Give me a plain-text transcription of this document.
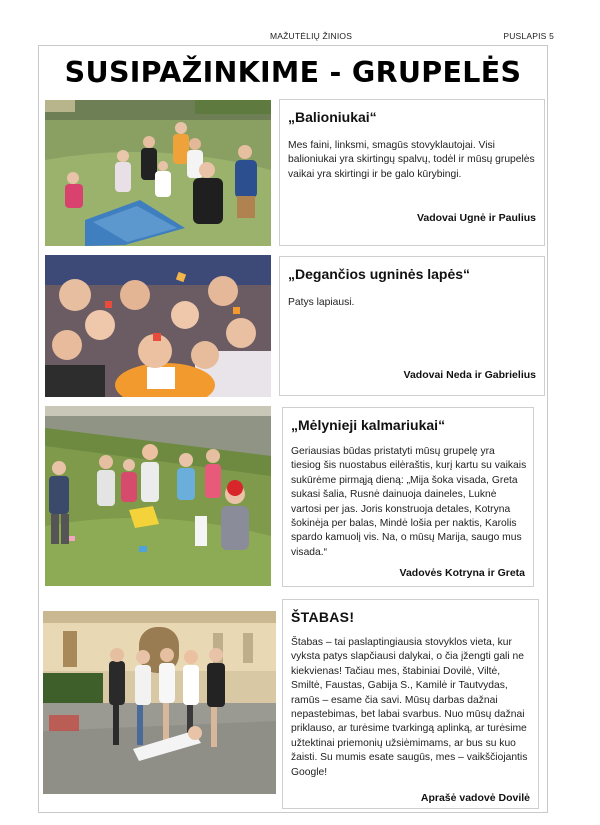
MAŽUTĖLIŲ ŽINIOS	PUSLAPIS 5
SUSIPAŽINKIME - GRUPELĖS
„Balioniukai“
Mes faini, linksmi, smagūs stovyklautojai. Visi balioniukai yra skirtingų spalvų, todėl ir mūsų grupelės vaikai yra skirtingi ir be galo kūrybingi.
Vadovai Ugnė ir Paulius
„Degančios ugninės lapės“
Patys lapiausi.
Vadovai Neda ir Gabrielius
„Mėlynieji kalmariukai“
Geriausias būdas pristatyti mūsų grupelę yra tiesiog šis nuostabus eilėraštis, kurį kartu su vaikais sukūrėme pirmąją dieną: „Mija šoka visada, Greta sukasi šalia, Rusnė dainuoja daineles, Luknė vartosi per jas. Joris konstruoja detales, Kotryna šokinėja per balas, Mindė lošia per naktis, Karolis spardo kamuolį vis. Na, o mūsų Marija, saugo mus visada.“
Vadovės Kotryna ir Greta
ŠTABAS!
Štabas – tai paslaptingiausia stovyklos vieta, kur vyksta patys slapčiausi dalykai, o čia įžengti gali ne kiekvienas! Tačiau mes, štabiniai Dovilė, Viltė, Smiltė, Faustas, Gabija S., Kamilė ir Tautvydas, ramūs – esame čia savi. Mūsų darbas dažnai nepastebimas, bet labai svarbus. Nuo mūsų dažnai priklauso, ar turėsime tvarkingą aplinką, ar turėsime užtektinai priemonių užsiėmimams, ar bus su kuo žaisti. Su mumis esate saugūs, mes – vaikščiojantis Google!
Aprašė vadovė Dovilė
